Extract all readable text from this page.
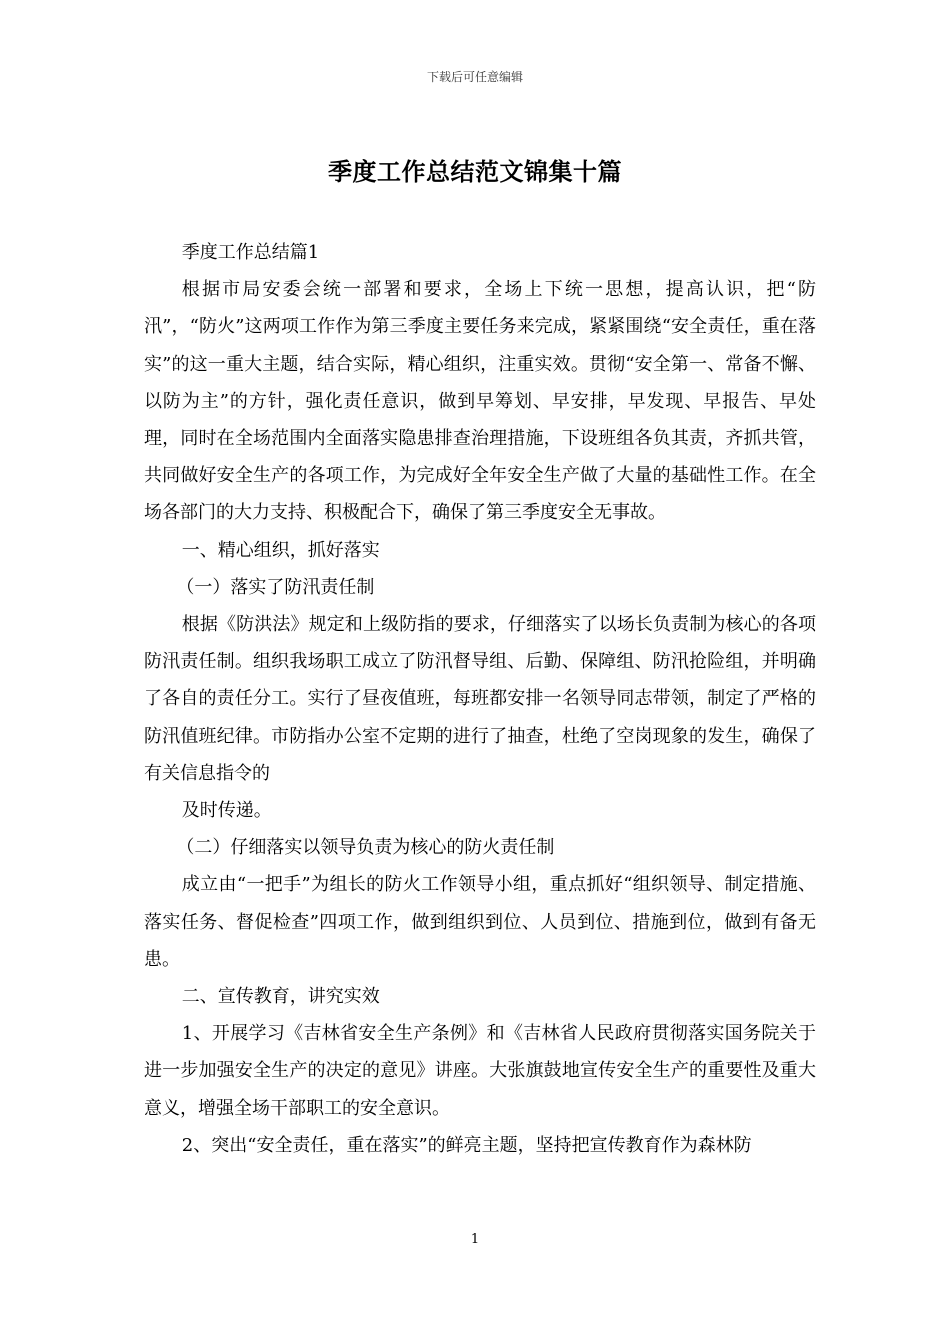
下载后可任意编辑
季度工作总结范文锦集十篇

季度工作总结篇1

根据市局安委会统一部署和要求，全场上下统一思想，提高认识，把“防汛”，“防火”这两项工作作为第三季度主要任务来完成，紧紧围绕“安全责任，重在落实”的这一重大主题，结合实际，精心组织，注重实效。贯彻“安全第一、常备不懈、以防为主”的方针，强化责任意识，做到早筹划、早安排，早发现、早报告、早处理，同时在全场范围内全面落实隐患排查治理措施，下设班组各负其责，齐抓共管，共同做好安全生产的各项工作，为完成好全年安全生产做了大量的基础性工作。在全场各部门的大力支持、积极配合下，确保了第三季度安全无事故。

一、精心组织，抓好落实

（一）落实了防汛责任制

根据《防洪法》规定和上级防指的要求，仔细落实了以场长负责制为核心的各项防汛责任制。组织我场职工成立了防汛督导组、后勤、保障组、防汛抢险组，并明确了各自的责任分工。实行了昼夜值班，每班都安排一名领导同志带领，制定了严格的防汛值班纪律。市防指办公室不定期的进行了抽查，杜绝了空岗现象的发生，确保了有关信息指令的

及时传递。

（二）仔细落实以领导负责为核心的防火责任制

成立由“一把手”为组长的防火工作领导小组，重点抓好“组织领导、制定措施、落实任务、督促检查”四项工作，做到组织到位、人员到位、措施到位，做到有备无患。

二、宣传教育，讲究实效

1、开展学习《吉林省安全生产条例》和《吉林省人民政府贯彻落实国务院关于进一步加强安全生产的决定的意见》讲座。大张旗鼓地宣传安全生产的重要性及重大意义，增强全场干部职工的安全意识。

2、突出“安全责任，重在落实”的鲜亮主题，坚持把宣传教育作为森林防

1
